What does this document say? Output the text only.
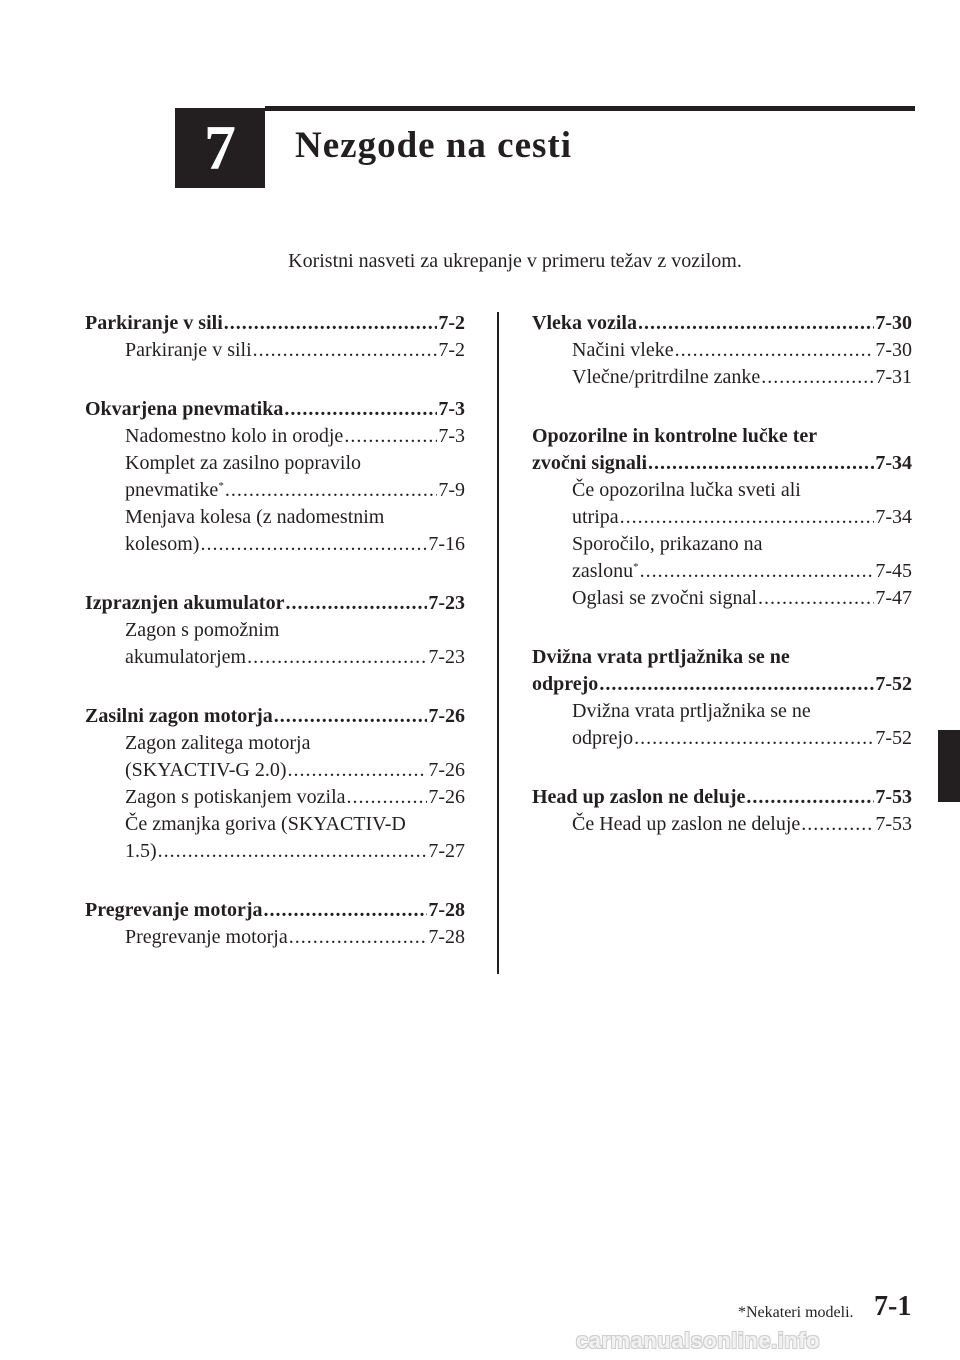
7 Nezgode na cesti
Koristni nasveti za ukrepanje v primeru težav z vozilom.
Parkiranje v sili .....	7-2
Parkiranje v sili .....	7-2
Okvarjena pnevmatika .....	7-3
Nadomestno kolo in orodje .....	7-3
Komplet za zasilno popravilo
pnevmatike* .....	7-9
Menjava kolesa (z nadomestnim
kolesom) .....	7-16
Izpraznjen akumulator .....	7-23
Zagon s pomožnim
akumulatorjem .....	7-23
Zasilni zagon motorja .....	7-26
Zagon zalitega motorja
(SKYACTIV-G 2.0) .....	7-26
Zagon s potiskanjem vozila .....	7-26
Če zmanjka goriva (SKYACTIV-D
1.5) .....	7-27
Pregrevanje motorja .....	7-28
Pregrevanje motorja .....	7-28
Vleka vozila .....	7-30
Načini vleke .....	7-30
Vlečne/pritrdilne zanke .....	7-31
Opozorilne in kontrolne lučke ter
zvočni signali .....	7-34
Če opozorilna lučka sveti ali
utripa .....	7-34
Sporočilo, prikazano na
zaslonu* .....	7-45
Oglasi se zvočni signal .....	7-47
Dvižna vrata prtljažnika se ne
odprejo .....	7-52
Dvižna vrata prtljažnika se ne
odprejo .....	7-52
Head up zaslon ne deluje .....	7-53
Če Head up zaslon ne deluje .....	7-53
*Nekateri modeli. 7-1
carmanualsonline.info
